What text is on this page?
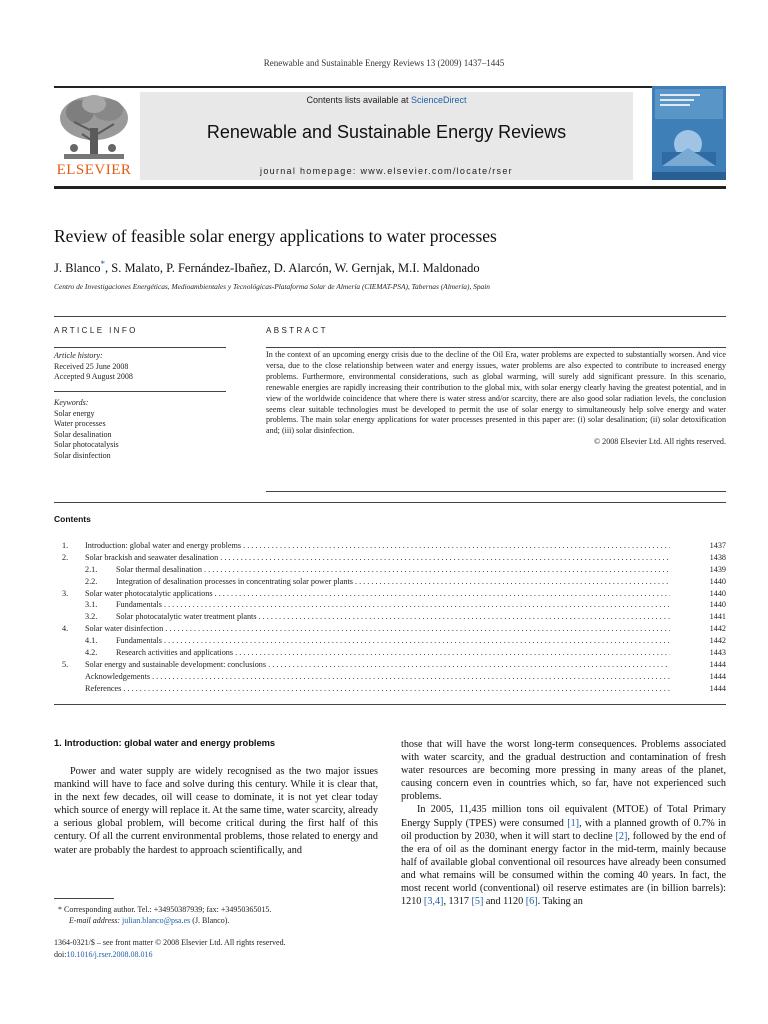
Renewable and Sustainable Energy Reviews 13 (2009) 1437–1445
ELSEVIER
Contents lists available at ScienceDirect
Renewable and Sustainable Energy Reviews
journal homepage: www.elsevier.com/locate/rser
Review of feasible solar energy applications to water processes
J. Blanco*, S. Malato, P. Fernández-Ibañez, D. Alarcón, W. Gernjak, M.I. Maldonado
Centro de Investigaciones Energéticas, Medioambientales y Tecnológicas-Plataforma Solar de Almería (CIEMAT-PSA), Tabernas (Almería), Spain
ARTICLE INFO	ABSTRACT
Article history:
Received 25 June 2008
Accepted 9 August 2008
Keywords:
Solar energy
Water processes
Solar desalination
Solar photocatalysis
Solar disinfection
In the context of an upcoming energy crisis due to the decline of the Oil Era, water problems are expected to substantially worsen. And vice versa, due to the close relationship between water and energy issues, water problems are also expected to contribute to increased energy problems. Furthermore, environmental considerations, such as global warming, will surely add significant pressure. In this scenario, renewable energies are rapidly increasing their contribution to the global mix, with solar energy clearly having the greatest potential, and in view of the worldwide coincidence that where there is water stress and/or scarcity, there are also good solar radiation levels, the conclusion seems clear suitable technologies must be developed to permit the use of solar energy to simultaneously help solve energy and water problems. The main solar energy applications for water processes presented in this paper are: (i) solar desalination; (ii) solar detoxification and; (iii) solar disinfection.
© 2008 Elsevier Ltd. All rights reserved.
Contents
1. Introduction: global water and energy problems . . .	1437
2. Solar brackish and seawater desalination . . .	1438
2.1. Solar thermal desalination . . .	1439
2.2. Integration of desalination processes in concentrating solar power plants . . .	1440
3. Solar water photocatalytic applications . . .	1440
3.1. Fundamentals . . .	1440
3.2. Solar photocatalytic water treatment plants . . .	1441
4. Solar water disinfection . . .	1442
4.1. Fundamentals . . .	1442
4.2. Research activities and applications . . .	1443
5. Solar energy and sustainable development: conclusions . . .	1444
Acknowledgements . . .	1444
References . . .	1444
1. Introduction: global water and energy problems

Power and water supply are widely recognised as the two major issues mankind will have to face and solve during this century. While it is clear that, in the next few decades, oil will cease to dominate, it is not yet clear today which source of energy will replace it. At the same time, water scarcity, already a serious global problem, will become critical during the first half of this century. Of all the current environmental problems, those related to energy and water are probably the hardest to approach scientifically, and

those that will have the worst long-term consequences. Problems associated with water scarcity, and the gradual destruction and contamination of fresh water resources are becoming more pressing in many areas of the planet, causing concern even in countries which, so far, have not experienced such problems.

In 2005, 11,435 million tons oil equivalent (MTOE) of Total Primary Energy Supply (TPES) were consumed [1], with a planned growth of 0.7% in oil production by 2030, when it will start to decline [2], followed by the end of the era of oil as the dominant energy factor in the mid-term, mainly because half of available global conventional oil resources have already been consumed and what remains will be consumed within the coming 40 years. In fact, the most recent world (conventional) oil reserve estimates are (in billion barrels): 1210 [3,4], 1317 [5] and 1120 [6]. Taking an

* Corresponding author. Tel.: +34950387939; fax: +34950365015.
E-mail address: julian.blanco@psa.es (J. Blanco).
1364-0321/$ – see front matter © 2008 Elsevier Ltd. All rights reserved.
doi:10.1016/j.rser.2008.08.016
